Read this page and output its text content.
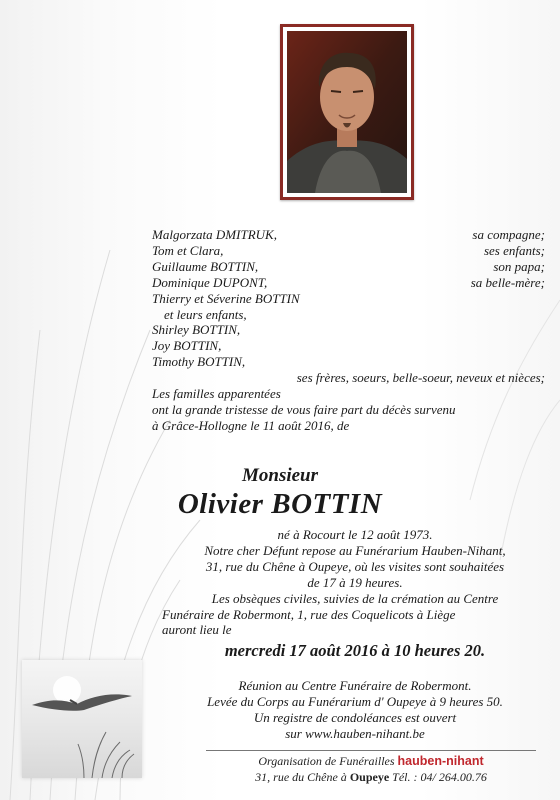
Malgorzata DMITRUK,	sa compagne;
Tom et Clara,	ses enfants;
Guillaume BOTTIN,	son papa;
Dominique DUPONT,	sa belle-mère;
Thierry et Séverine BOTTIN
et leurs enfants,
Shirley BOTTIN,
Joy BOTTIN,
Timothy BOTTIN,
ses frères, soeurs, belle-soeur, neveux et nièces;
Les familles apparentées
ont la grande tristesse de vous faire part du décès survenu
à Grâce-Hollogne le 11 août 2016, de
Monsieur
Olivier BOTTIN
né à Rocourt le 12 août 1973.
Notre cher Défunt repose au Funérarium Hauben-Nihant,
31, rue du Chêne à Oupeye, où les visites sont souhaitées
de 17 à 19 heures.
Les obsèques civiles, suivies de la crémation au Centre
Funéraire de Robermont, 1, rue des Coquelicots à Liège
auront lieu le
mercredi 17 août 2016 à 10 heures 20.
Réunion au Centre Funéraire de Robermont.
Levée du Corps au Funérarium d' Oupeye à 9 heures 50.
Un registre de condoléances est ouvert
sur www.hauben-nihant.be
Organisation de Funérailles hauben-nihant
31, rue du Chêne à Oupeye Tél. : 04/ 264.00.76
